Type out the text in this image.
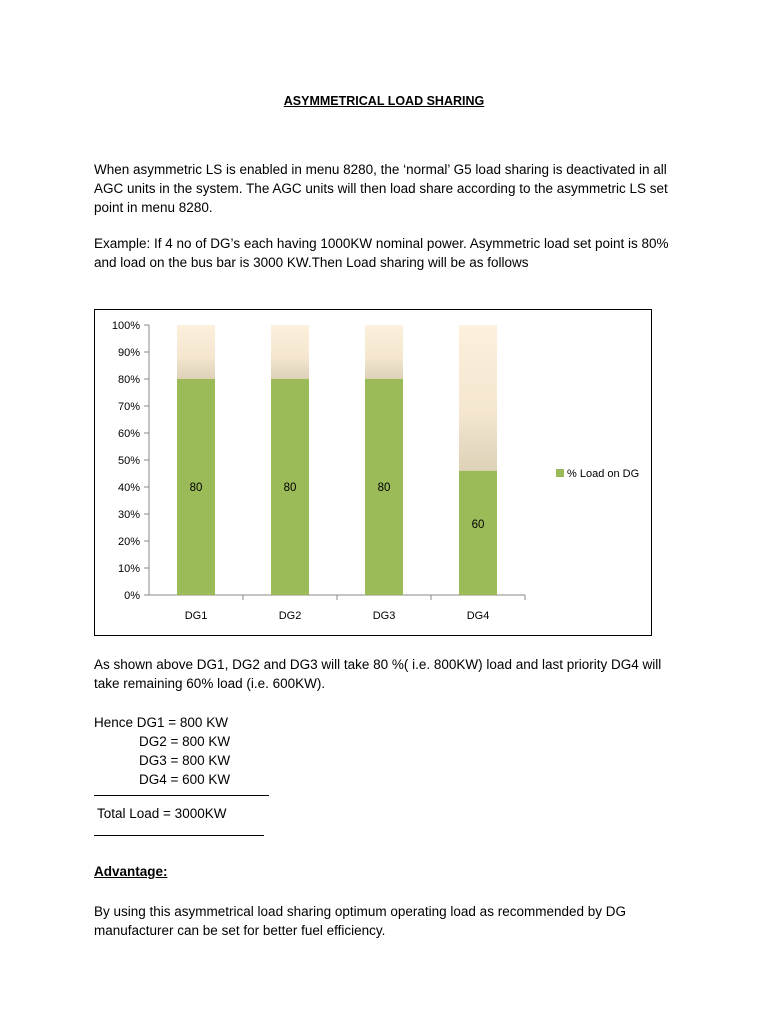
ASYMMETRICAL LOAD SHARING

When asymmetric LS is enabled in menu 8280, the ‘normal’ G5 load sharing is deactivated in all AGC units in the system. The AGC units will then load share according to the asymmetric LS set point in menu 8280.

Example: If 4 no of DG’s each having 1000KW nominal power. Asymmetric load set point is 80% and load on the bus bar is 3000 KW.Then Load sharing will be as follows

0%
10%
20%
30%
40%
50%
60%
70%
80%
90%
100%
80	80	80
60
DG1	DG2	DG3	DG4
% Load on DG

As shown above DG1, DG2 and DG3 will take 80 %( i.e. 800KW) load and last priority DG4 will take remaining 60% load (i.e. 600KW).

Hence DG1 = 800 KW
DG2 = 800 KW
DG3 = 800 KW
DG4 = 600 KW
Total Load = 3000KW
Advantage:

By using this asymmetrical load sharing optimum operating load as recommended by DG manufacturer can be set for better fuel efficiency.
